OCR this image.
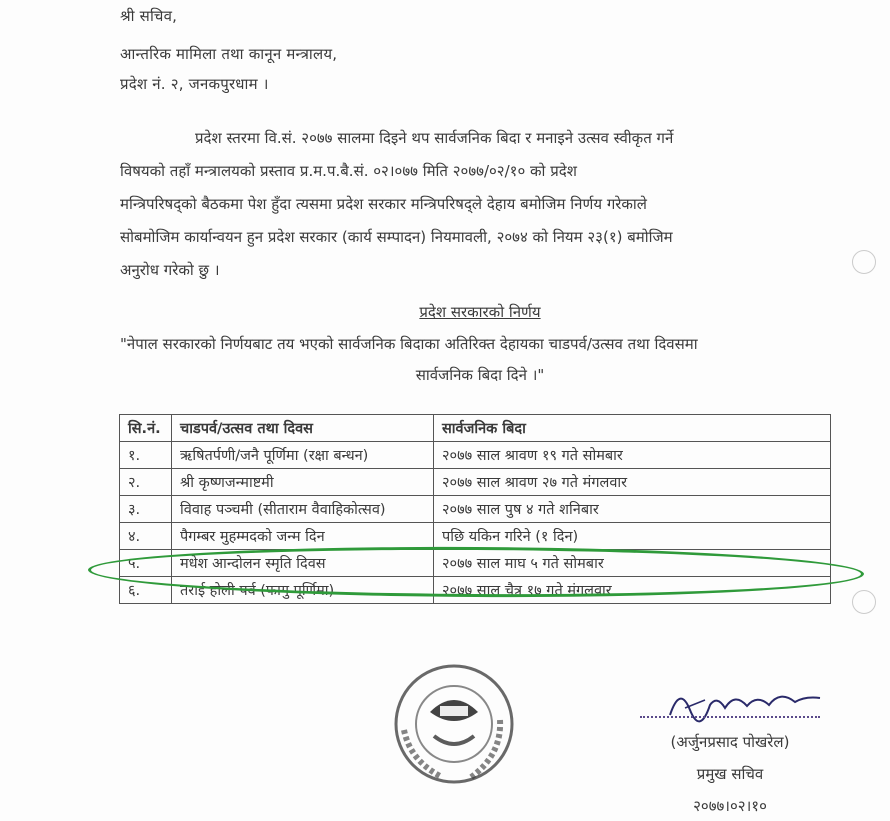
श्री सचिव,
आन्तरिक मामिला तथा कानून मन्त्रालय,
प्रदेश नं. २, जनकपुरधाम ।
प्रदेश स्तरमा वि.सं. २०७७ सालमा दिइने थप सार्वजनिक बिदा र मनाइने उत्सव स्वीकृत गर्ने
विषयको तहाँ मन्त्रालयको प्रस्ताव प्र.म.प.बै.सं. ०२।०७७ मिति २०७७/०२/१० को प्रदेश
मन्त्रिपरिषद्को बैठकमा पेश हुँदा त्यसमा प्रदेश सरकार मन्त्रिपरिषद्ले देहाय बमोजिम निर्णय गरेकाले
सोबमोजिम कार्यान्वयन हुन प्रदेश सरकार (कार्य सम्पादन) नियमावली, २०७४ को नियम २३(१) बमोजिम
अनुरोध गरेको छु ।
प्रदेश सरकारको निर्णय
"नेपाल सरकारको निर्णयबाट तय भएको सार्वजनिक बिदाका अतिरिक्त देहायका चाडपर्व/उत्सव तथा दिवसमा
सार्वजनिक बिदा दिने ।"
सि.नं.	चाडपर्व/उत्सव तथा दिवस	सार्वजनिक बिदा
१.	ऋषितर्पणी/जनै पूर्णिमा (रक्षा बन्धन)	२०७७ साल श्रावण १९ गते सोमबार
२.	श्री कृष्णजन्माष्टमी	२०७७ साल श्रावण २७ गते मंगलवार
३.	विवाह पञ्चमी (सीताराम वैवाहिकोत्सव)	२०७७ साल पुष ४ गते शनिबार
४.	पैगम्बर मुहम्मदको जन्म दिन	पछि यकिन गरिने (१ दिन)
५.	मधेश आन्दोलन स्मृति दिवस	२०७७ साल माघ ५ गते सोमबार
६.	तराई होली पर्व (फागु पूर्णिमा)	२०७७ साल चैत्र १७ गते मंगलवार
(अर्जुनप्रसाद पोखरेल)
प्रमुख सचिव
२०७७।०२।१०
